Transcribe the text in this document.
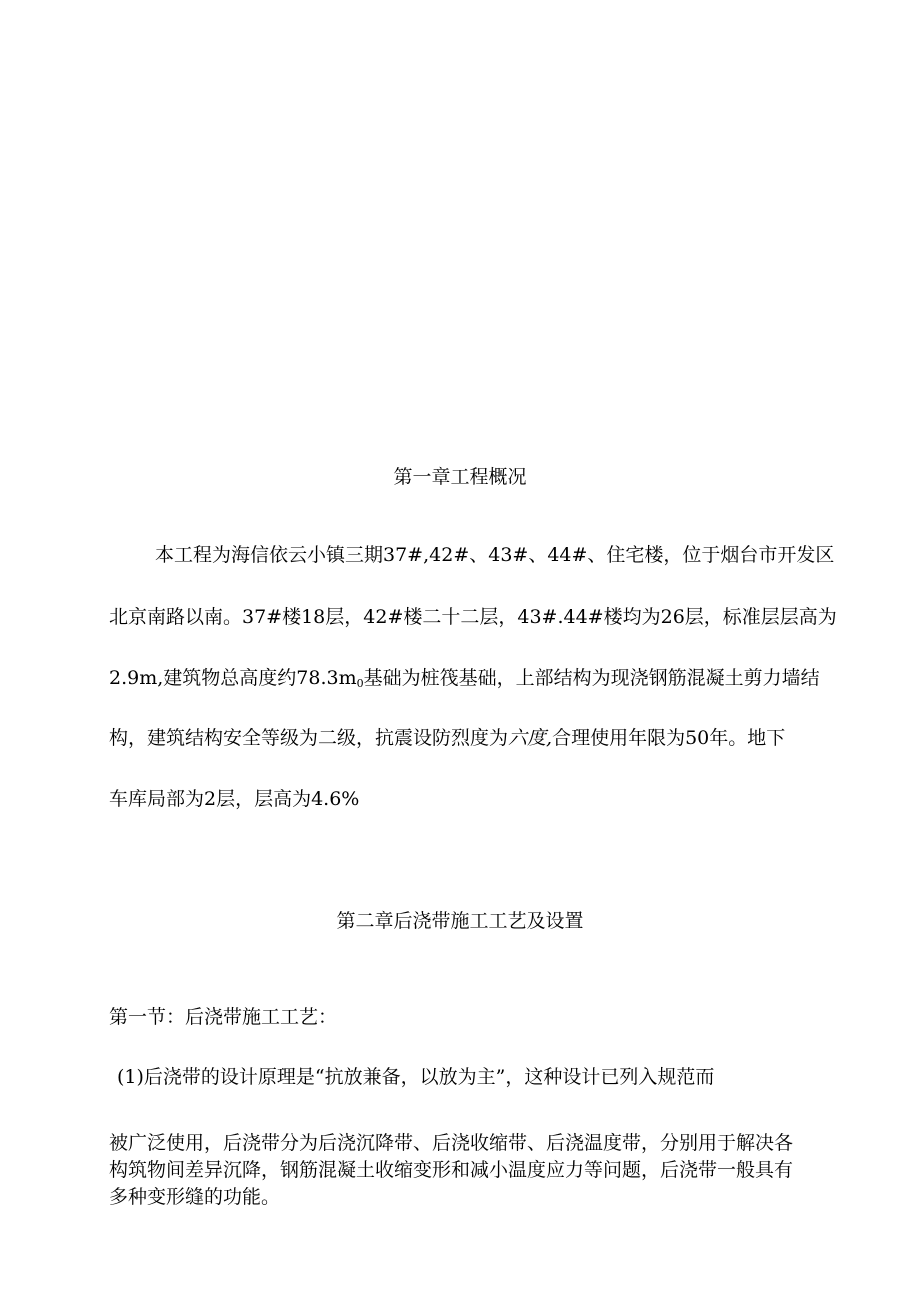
第一章工程概况
本工程为海信依云小镇三期37#,42#、43#、44#、住宅楼，位于烟台市开发区
北京南路以南。37#楼18层，42#楼二十二层，43#.44#楼均为26层，标准层层高为
2.9m,建筑物总高度约$78.3m_0$基础为桩筏基础，上部结构为现浇钢筋混凝土剪力墙结
构，建筑结构安全等级为二级，抗震设防烈度为六度,合理使用年限为50年。地下
车库局部为2层，层高为4.6%
第二章后浇带施工工艺及设置
第一节：后浇带施工工艺：
(1)后浇带的设计原理是“抗放兼备，以放为主”，这种设计已列入规范而
被广泛使用，后浇带分为后浇沉降带、后浇收缩带、后浇温度带，分别用于解决各
构筑物间差异沉降，钢筋混凝土收缩变形和减小温度应力等问题，后浇带一般具有
多种变形缝的功能。
